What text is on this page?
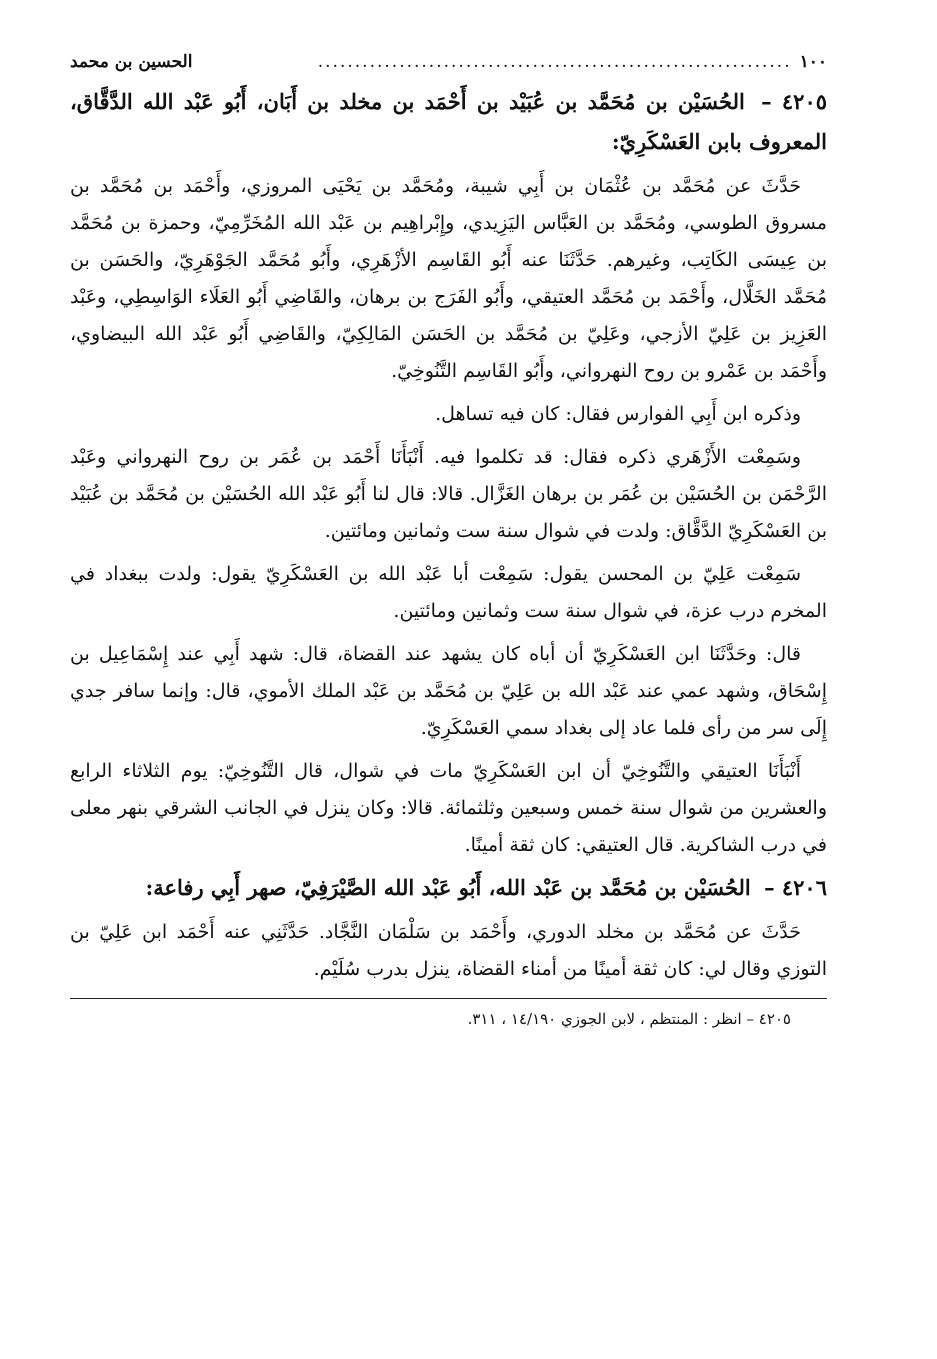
١٠٠
................................................................
الحسين بن محمد

٤٢٠٥ – الحُسَيْن بن مُحَمَّد بن عُبَيْد بن أَحْمَد بن مخلد بن أَبَان، أَبُو عَبْد الله الدَّقَّاق، المعروف بابن العَسْكَرِيّ:

حَدَّثَ عن مُحَمَّد بن عُثْمَان بن أَبِي شيبة، ومُحَمَّد بن يَحْيَى المروزي، وأَحْمَد بن مُحَمَّد بن مسروق الطوسي، ومُحَمَّد بن العَبَّاس اليَزِيدي، وإِبْراهِيم بن عَبْد الله المُخَرِّمِيّ، وحمزة بن مُحَمَّد بن عِيسَى الكَاتِب، وغيرهم. حَدَّثَنَا عنه أَبُو القَاسِم الأزْهَرِي، وأَبُو مُحَمَّد الجَوْهَرِيّ، والحَسَن بن مُحَمَّد الخَلَّال، وأَحْمَد بن مُحَمَّد العتيقي، وأَبُو الفَرَج بن برهان، والقَاضِي أَبُو العَلَاء الوَاسِطِي، وعَبْد العَزِيز بن عَلِيّ الأزجي، وعَلِيّ بن مُحَمَّد بن الحَسَن المَالِكِيّ، والقَاضِي أَبُو عَبْد الله البيضاوي، وأَحْمَد بن عَمْرو بن روح النهرواني، وأَبُو القَاسِم التَّنُوخِيّ.

وذكره ابن أَبِي الفوارس فقال: كان فيه تساهل.

وسَمِعْت الأَزْهَري ذكره فقال: قد تكلموا فيه. أَنْبَأَنَا أَحْمَد بن عُمَر بن روح النهرواني وعَبْد الرَّحْمَن بن الحُسَيْن بن عُمَر بن برهان الغَزَّال. قالا: قال لنا أَبُو عَبْد الله الحُسَيْن بن مُحَمَّد بن عُبَيْد بن العَسْكَرِيّ الدَّقَّاق: ولدت في شوال سنة ست وثمانين ومائتين.

سَمِعْت عَلِيّ بن المحسن يقول: سَمِعْت أبا عَبْد الله بن العَسْكَرِيّ يقول: ولدت ببغداد في المخرم درب عزة، في شوال سنة ست وثمانين ومائتين.

قال: وحَدَّثَنَا ابن العَسْكَرِيّ أن أباه كان يشهد عند القضاة، قال: شهد أَبِي عند إِسْمَاعِيل بن إِسْحَاق، وشهد عمي عند عَبْد الله بن عَلِيّ بن مُحَمَّد بن عَبْد الملك الأموي، قال: وإنما سافر جدي إِلَى سر من رأى فلما عاد إلى بغداد سمي العَسْكَرِيّ.

أَنْبَأَنَا العتيقي والتَّنُوخِيّ أن ابن العَسْكَرِيّ مات في شوال، قال التَّنُوخِيّ: يوم الثلاثاء الرابع والعشرين من شوال سنة خمس وسبعين وثلثمائة. قالا: وكان ينزل في الجانب الشرقي بنهر معلى في درب الشاكرية. قال العتيقي: كان ثقة أمينًا.

٤٢٠٦ – الحُسَيْن بن مُحَمَّد بن عَبْد الله، أَبُو عَبْد الله الصَّيْرَفِيّ، صهر أَبِي رفاعة:

حَدَّثَ عن مُحَمَّد بن مخلد الدوري، وأَحْمَد بن سَلْمَان النَّجَّاد. حَدَّثَنِي عنه أَحْمَد ابن عَلِيّ بن التوزي وقال لي: كان ثقة أمينًا من أمناء القضاة، ينزل بدرب سُلَيْم.

٤٢٠٥ – انظر : المنتظم ، لابن الجوزي ١٤/١٩٠ ، ٣١١.
